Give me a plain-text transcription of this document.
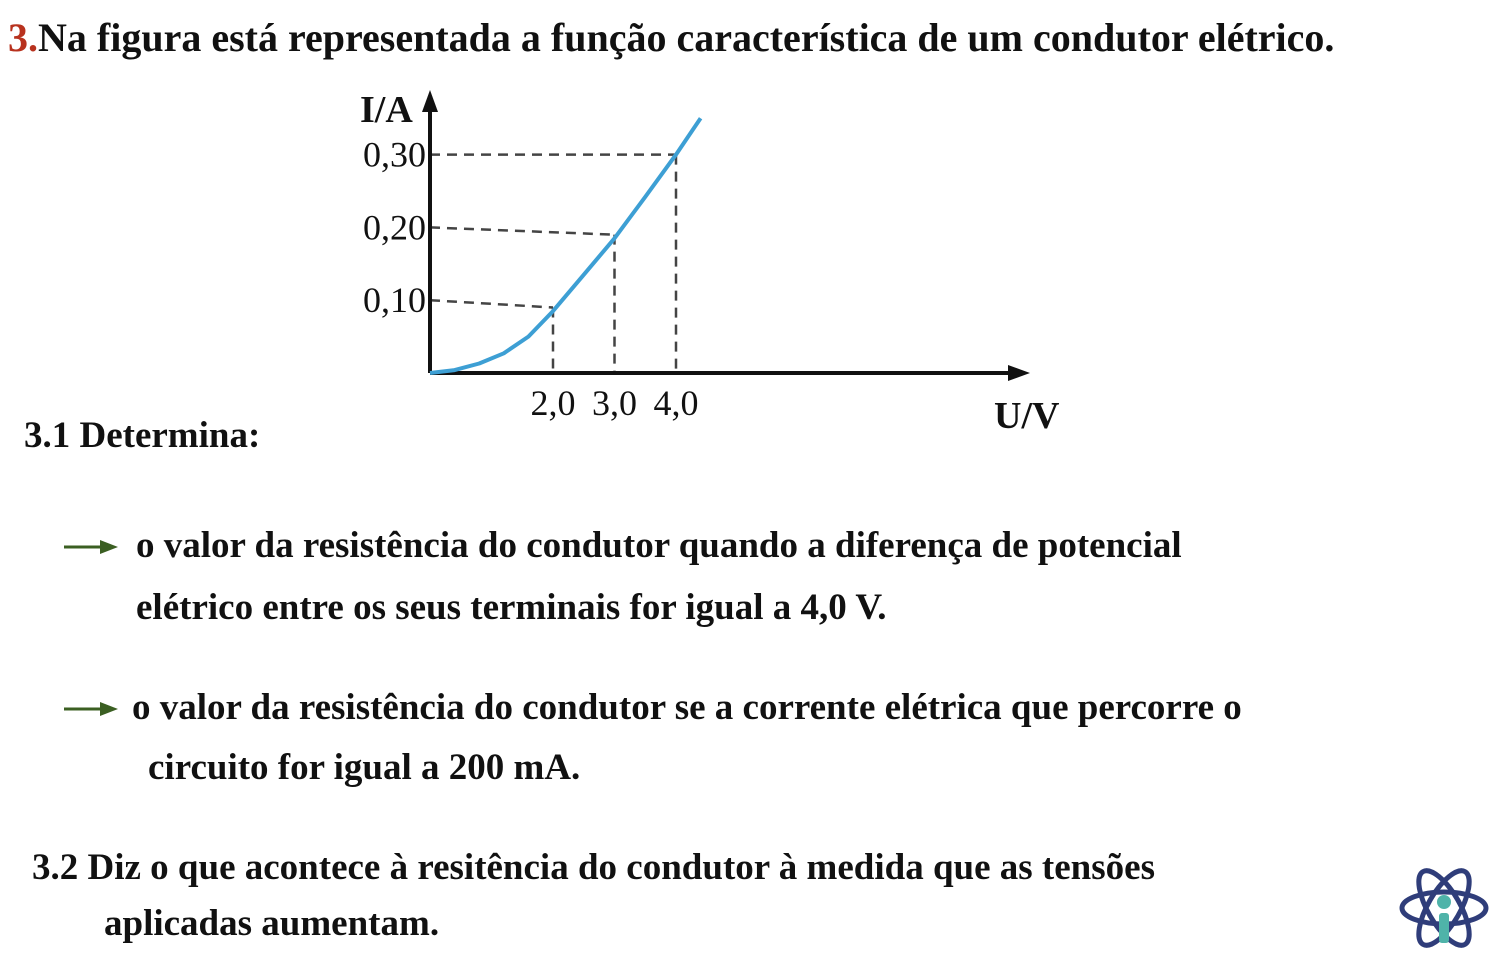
3.Na figura está representada a função característica de um condutor elétrico.
2,0 3,0 4,0
0,10
0,20
0,30
I/A
U/V
3.1 Determina:
o valor da resistência do condutor quando a diferença de potencial
elétrico entre os seus terminais for igual a 4,0 V.
o valor da resistência do condutor se a corrente elétrica que percorre o
circuito for igual a 200 mA.
3.2 Diz o que acontece à resitência do condutor à medida que as tensões
aplicadas aumentam.
